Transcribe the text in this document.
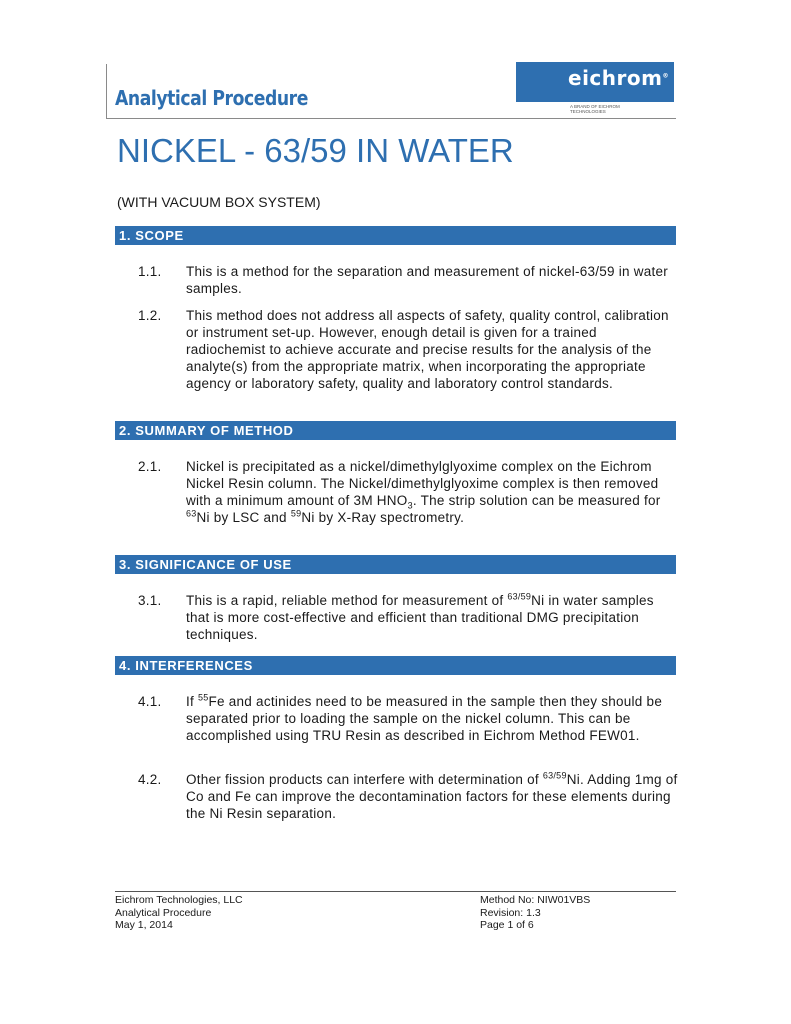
Analytical Procedure
eichrom®
A BRAND OF EICHROM TECHNOLOGIES
NICKEL - 63/59 IN WATER
(WITH VACUUM BOX SYSTEM)
1. SCOPE
1.1. This is a method for the separation and measurement of nickel-63/59 in water samples.
1.2. This method does not address all aspects of safety, quality control, calibration or instrument set-up. However, enough detail is given for a trained radiochemist to achieve accurate and precise results for the analysis of the analyte(s) from the appropriate matrix, when incorporating the appropriate agency or laboratory safety, quality and laboratory control standards.
2. SUMMARY OF METHOD
2.1. Nickel is precipitated as a nickel/dimethylglyoxime complex on the Eichrom Nickel Resin column. The Nickel/dimethylglyoxime complex is then removed with a minimum amount of 3M $HNO_3$. The strip solution can be measured for $^{63}$Ni by LSC and $^{59}$Ni by X-Ray spectrometry.
3. SIGNIFICANCE OF USE
3.1. This is a rapid, reliable method for measurement of $^{63/59}$Ni in water samples that is more cost-effective and efficient than traditional DMG precipitation techniques.
4. INTERFERENCES
4.1. If $^{55}$Fe and actinides need to be measured in the sample then they should be separated prior to loading the sample on the nickel column. This can be accomplished using TRU Resin as described in Eichrom Method FEW01.
4.2. Other fission products can interfere with determination of $^{63/59}$Ni. Adding 1mg of Co and Fe can improve the decontamination factors for these elements during the Ni Resin separation.
Eichrom Technologies, LLC
Analytical Procedure
May 1, 2014
Method No: NIW01VBS
Revision: 1.3
Page 1 of 6
